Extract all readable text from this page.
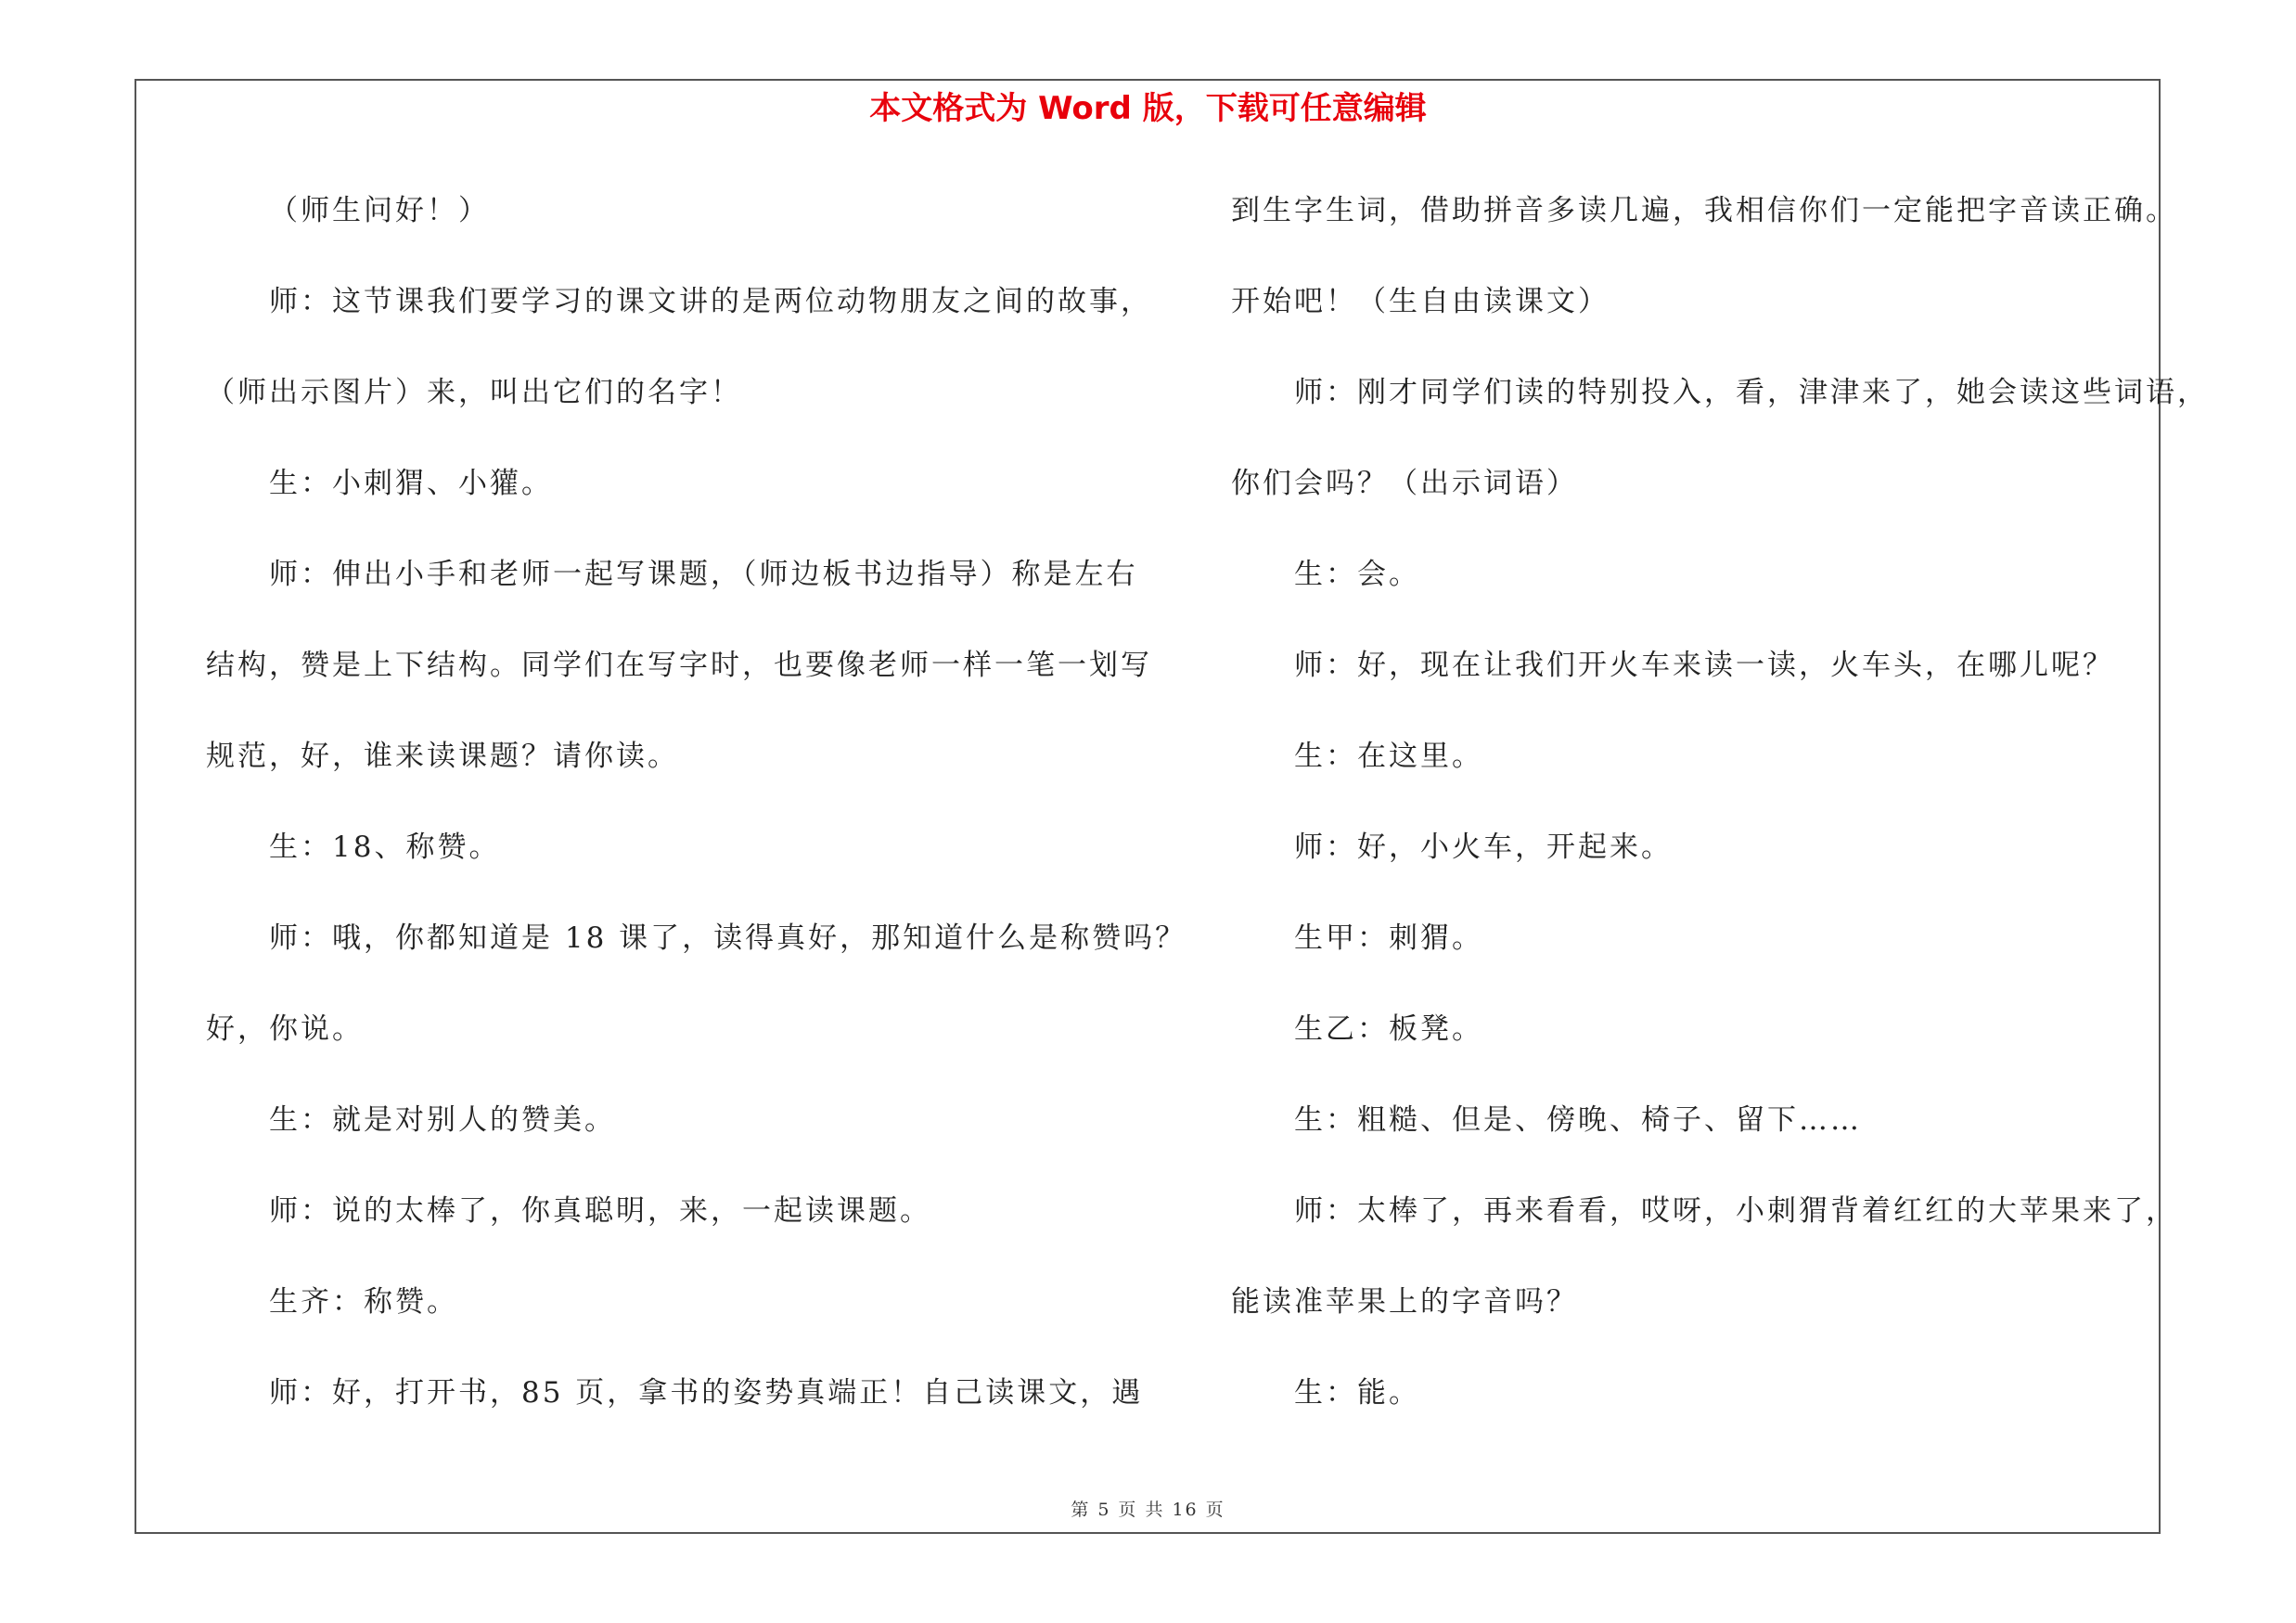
本文格式为 Word 版，下载可任意编辑
（师生问好！）
师：这节课我们要学习的课文讲的是两位动物朋友之间的故事，
（师出示图片）来，叫出它们的名字！
生：小刺猬、小獾。
师：伸出小手和老师一起写课题，（师边板书边指导）称是左右
结构，赞是上下结构。同学们在写字时，也要像老师一样一笔一划写
规范，好，谁来读课题？请你读。
生：18、称赞。
师：哦，你都知道是 18 课了，读得真好，那知道什么是称赞吗？
好，你说。
生：就是对别人的赞美。
师：说的太棒了，你真聪明，来，一起读课题。
生齐：称赞。
师：好，打开书，85 页，拿书的姿势真端正！自己读课文，遇
到生字生词，借助拼音多读几遍，我相信你们一定能把字音读正确。
开始吧！（生自由读课文）
师：刚才同学们读的特别投入，看，津津来了，她会读这些词语，
你们会吗？（出示词语）
生：会。
师：好，现在让我们开火车来读一读，火车头，在哪儿呢？
生：在这里。
师：好，小火车，开起来。
生甲：刺猬。
生乙：板凳。
生：粗糙、但是、傍晚、椅子、留下……
师：太棒了，再来看看，哎呀，小刺猬背着红红的大苹果来了，
能读准苹果上的字音吗？
生：能。
第 5 页 共 16 页
